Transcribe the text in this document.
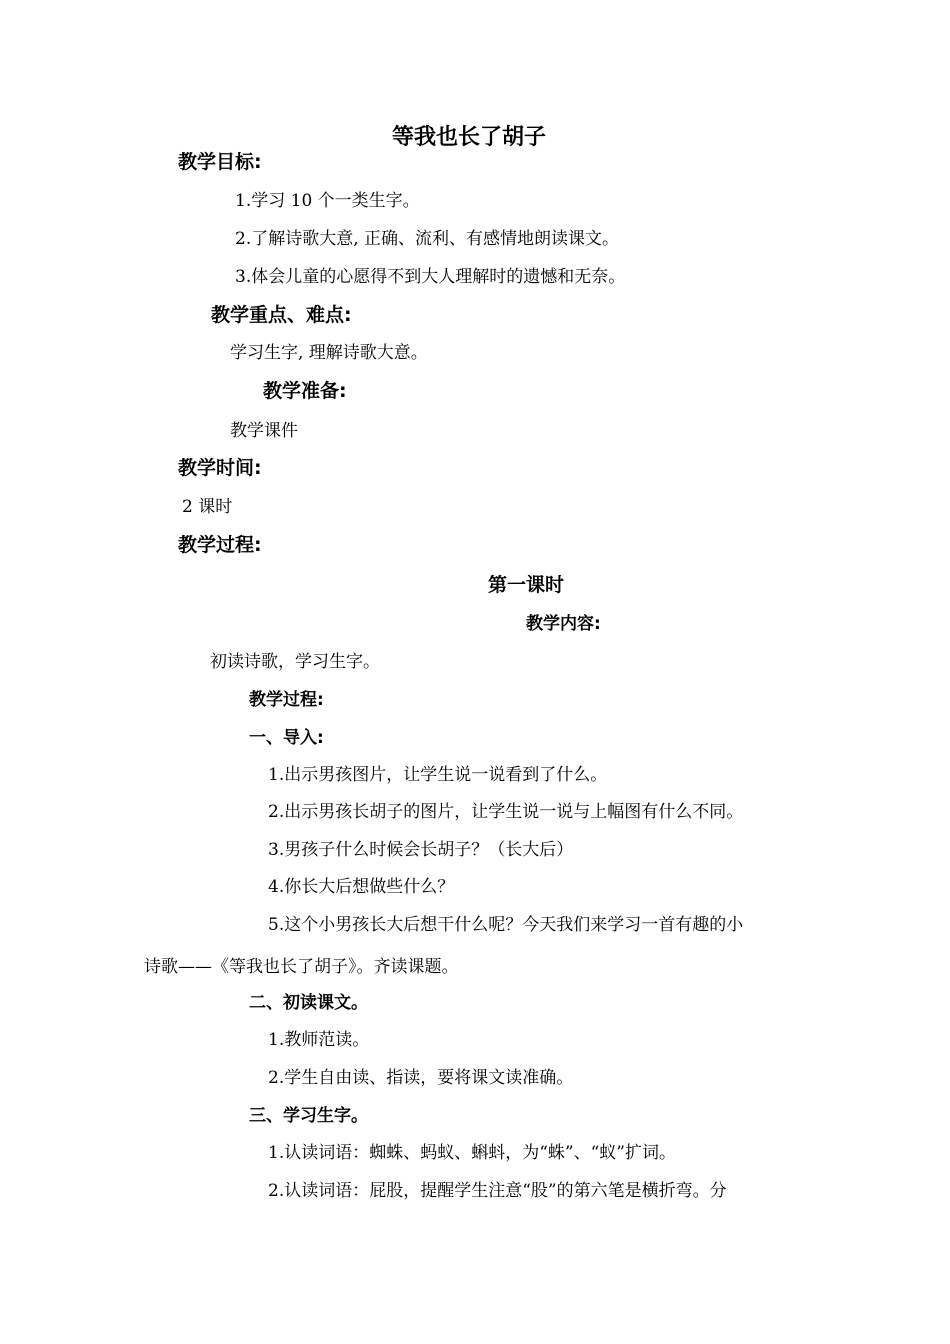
等我也长了胡子
教学目标:
1.学习 10 个一类生字。
2.了解诗歌大意, 正确、流利、有感情地朗读课文。
3.体会儿童的心愿得不到大人理解时的遗憾和无奈。
教学重点、难点:
学习生字, 理解诗歌大意。
教学准备:
教学课件
教学时间:
2 课时
教学过程:
第一课时
教学内容:
初读诗歌，学习生字。
教学过程:
一、导入:
1.出示男孩图片，让学生说一说看到了什么。
2.出示男孩长胡子的图片，让学生说一说与上幅图有什么不同。
3.男孩子什么时候会长胡子？（长大后）
4.你长大后想做些什么？
5.这个小男孩长大后想干什么呢？今天我们来学习一首有趣的小
诗歌——《等我也长了胡子》。齐读课题。
二、初读课文。
1.教师范读。
2.学生自由读、指读，要将课文读准确。
三、学习生字。
1.认读词语：蜘蛛、蚂蚁、蝌蚪，为“蛛”、“蚁”扩词。
2.认读词语：屁股，提醒学生注意“股”的第六笔是横折弯。分
